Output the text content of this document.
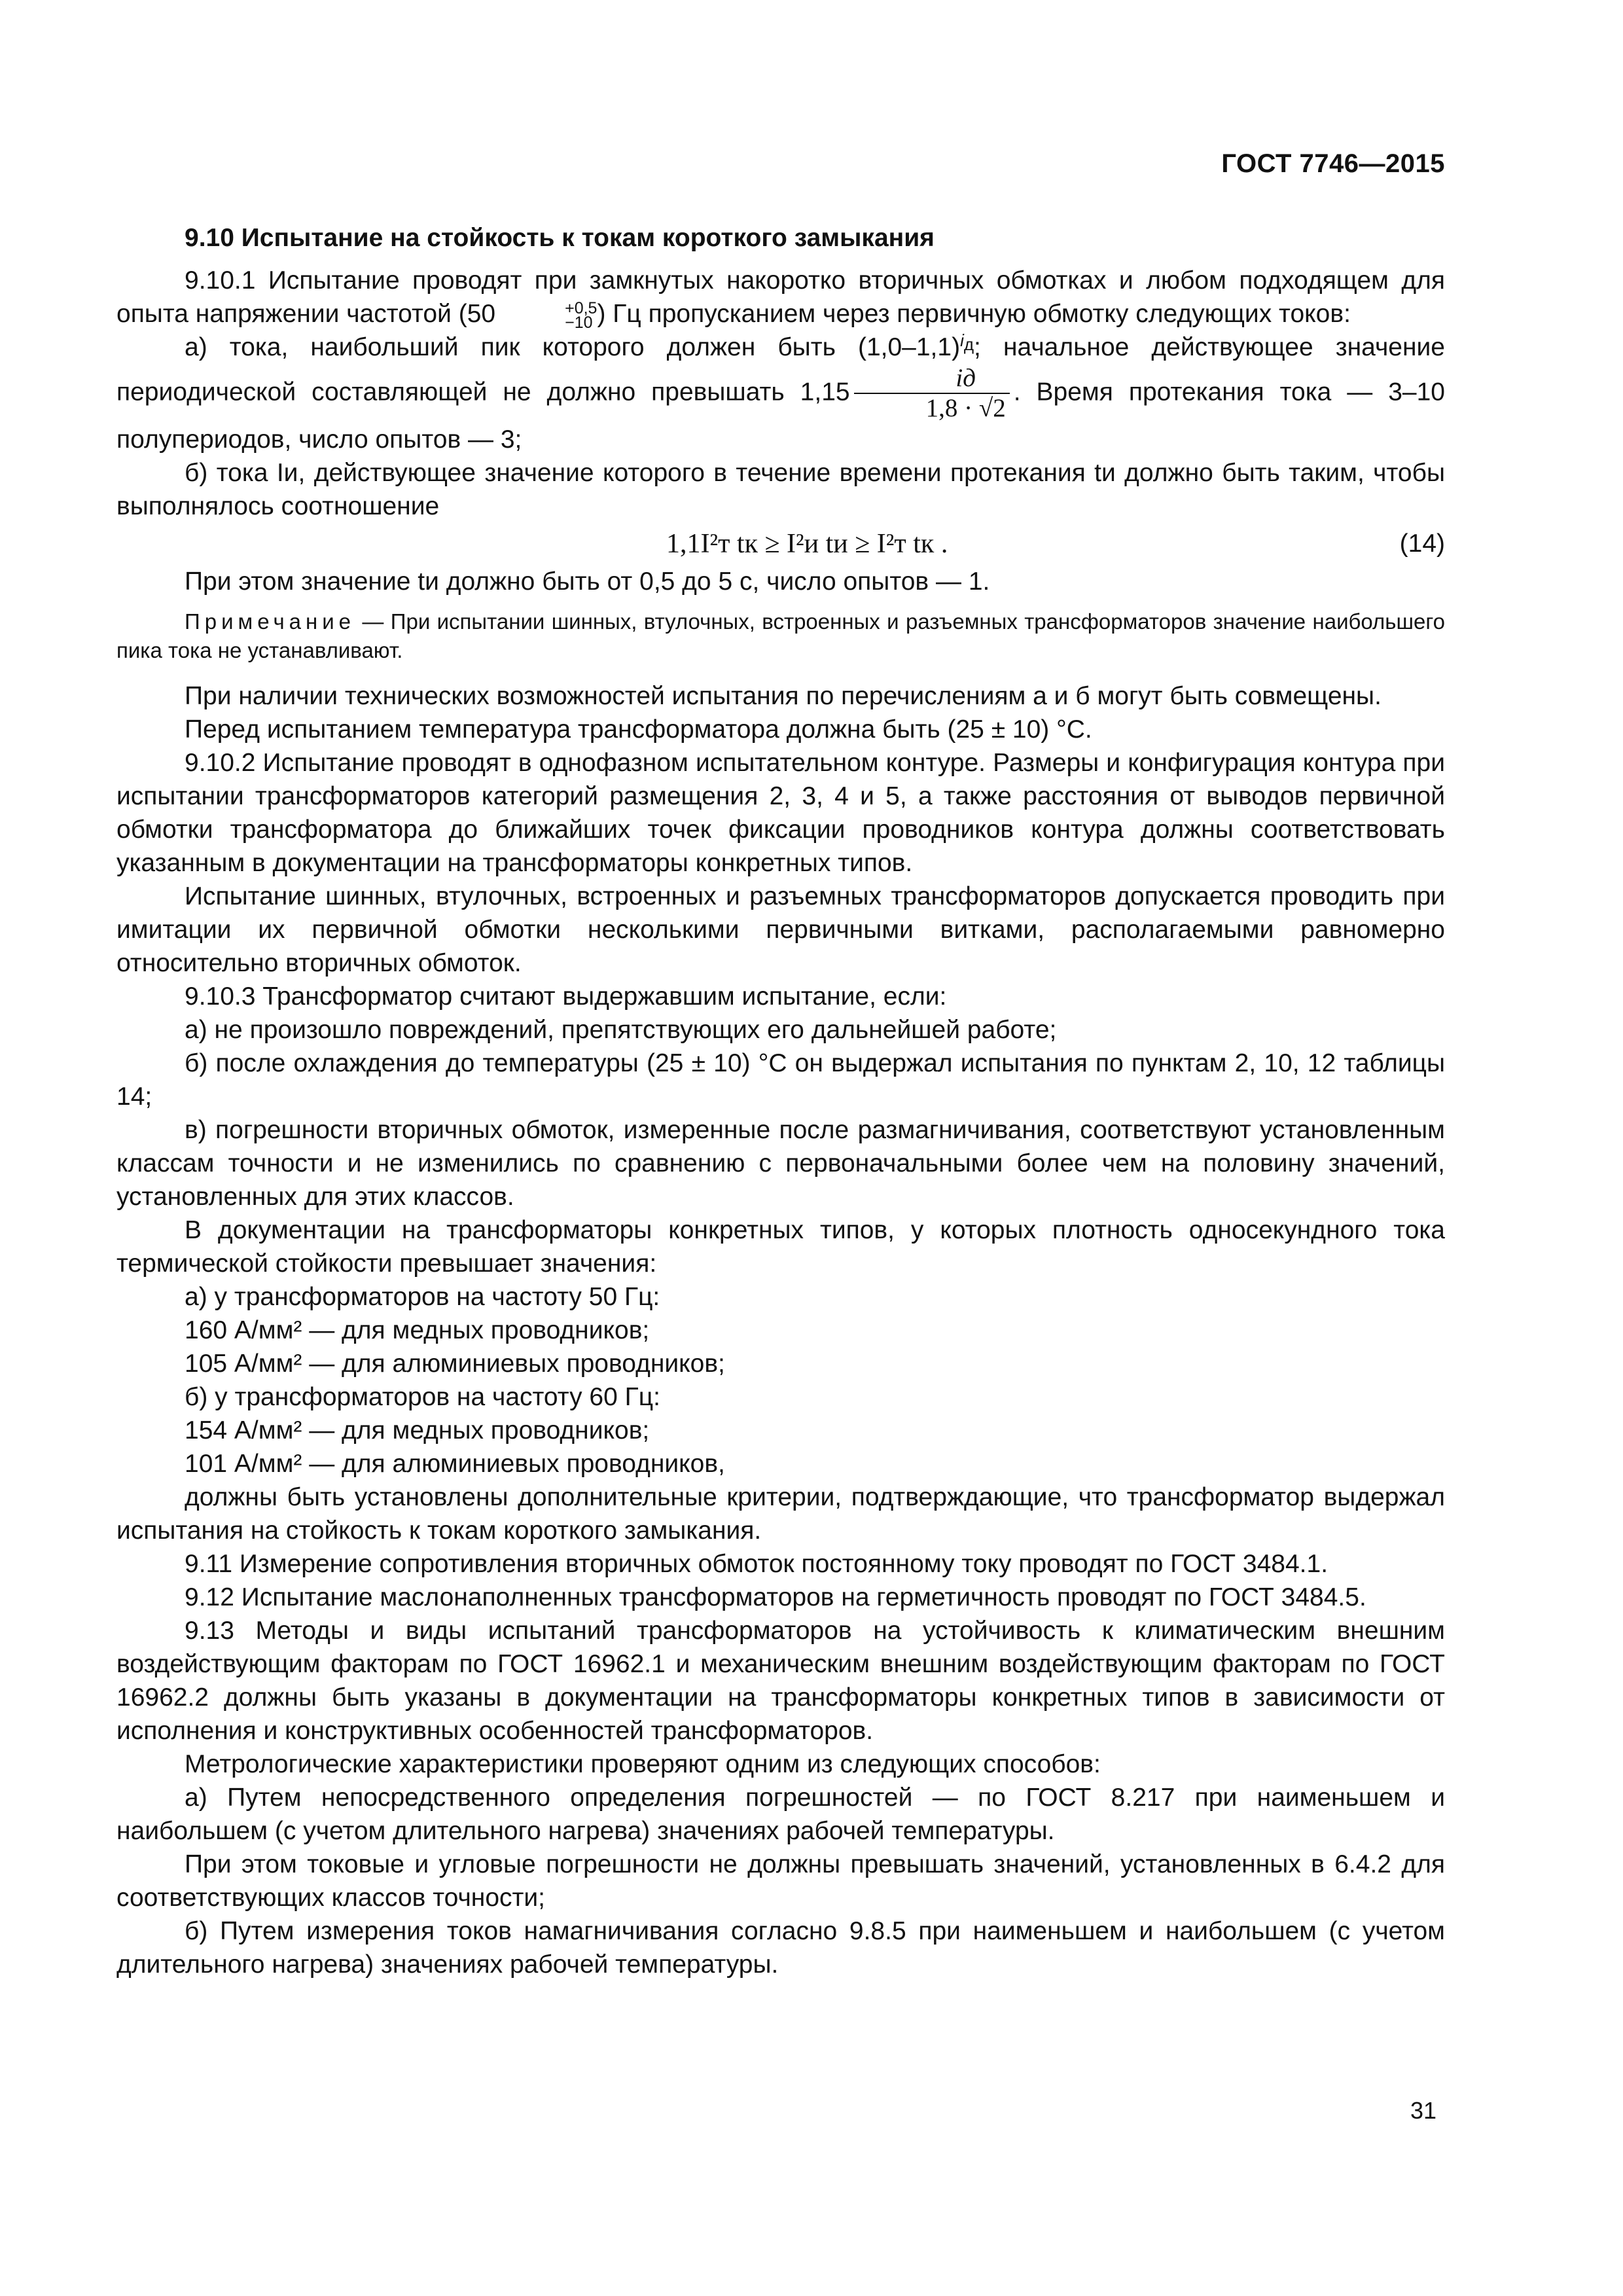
ГОСТ 7746—2015

9.10 Испытание на стойкость к токам короткого замыкания

9.10.1 Испытание проводят при замкнутых накоротко вторичных обмотках и любом подходящем для опыта напряжении частотой (50	+0,5
−10 ) Гц пропусканием через первичную обмотку следующих токов:

а) тока, наибольший пик которого должен быть $(1,0-1,1)^{i_д}$; начальное действующее значение периодической составляющей не должно превышать $1,15 \frac{iд}{1,8 \cdot √2}$ . Время протекания тока — 3–10 полупериодов, число опытов — 3;

б) тока Iи, действующее значение которого в течение времени протекания tи должно быть таким, чтобы выполнялось соотношение

1,1I²т tк ≥ I²и tи ≥ I²т tк .	(14)

При этом значение tи должно быть от 0,5 до 5 с, число опытов — 1.

Примечание — При испытании шинных, втулочных, встроенных и разъемных трансформаторов значение наибольшего пика тока не устанавливают.

При наличии технических возможностей испытания по перечислениям а и б могут быть совмещены.

Перед испытанием температура трансформатора должна быть (25 ± 10) °С.

9.10.2 Испытание проводят в однофазном испытательном контуре. Размеры и конфигурация контура при испытании трансформаторов категорий размещения 2, 3, 4 и 5, а также расстояния от выводов первичной обмотки трансформатора до ближайших точек фиксации проводников контура должны соответствовать указанным в документации на трансформаторы конкретных типов.

Испытание шинных, втулочных, встроенных и разъемных трансформаторов допускается проводить при имитации их первичной обмотки несколькими первичными витками, располагаемыми равномерно относительно вторичных обмоток.

9.10.3 Трансформатор считают выдержавшим испытание, если:

а) не произошло повреждений, препятствующих его дальнейшей работе;

б) после охлаждения до температуры (25 ± 10) °С он выдержал испытания по пунктам 2, 10, 12 таблицы 14;

в) погрешности вторичных обмоток, измеренные после размагничивания, соответствуют установленным классам точности и не изменились по сравнению с первоначальными более чем на половину значений, установленных для этих классов.

В документации на трансформаторы конкретных типов, у которых плотность односекундного тока термической стойкости превышает значения:

а) у трансформаторов на частоту 50 Гц:

160 А/мм² — для медных проводников;

105 А/мм² — для алюминиевых проводников;

б) у трансформаторов на частоту 60 Гц:

154 А/мм² — для медных проводников;

101 А/мм² — для алюминиевых проводников,

должны быть установлены дополнительные критерии, подтверждающие, что трансформатор выдержал испытания на стойкость к токам короткого замыкания.

9.11 Измерение сопротивления вторичных обмоток постоянному току проводят по ГОСТ 3484.1.

9.12 Испытание маслонаполненных трансформаторов на герметичность проводят по ГОСТ 3484.5.

9.13 Методы и виды испытаний трансформаторов на устойчивость к климатическим внешним воздействующим факторам по ГОСТ 16962.1 и механическим внешним воздействующим факторам по ГОСТ 16962.2 должны быть указаны в документации на трансформаторы конкретных типов в зависимости от исполнения и конструктивных особенностей трансформаторов.

Метрологические характеристики проверяют одним из следующих способов:

а) Путем непосредственного определения погрешностей — по ГОСТ 8.217 при наименьшем и наибольшем (с учетом длительного нагрева) значениях рабочей температуры.

При этом токовые и угловые погрешности не должны превышать значений, установленных в 6.4.2 для соответствующих классов точности;

б) Путем измерения токов намагничивания согласно 9.8.5 при наименьшем и наибольшем (с учетом длительного нагрева) значениях рабочей температуры.

31
